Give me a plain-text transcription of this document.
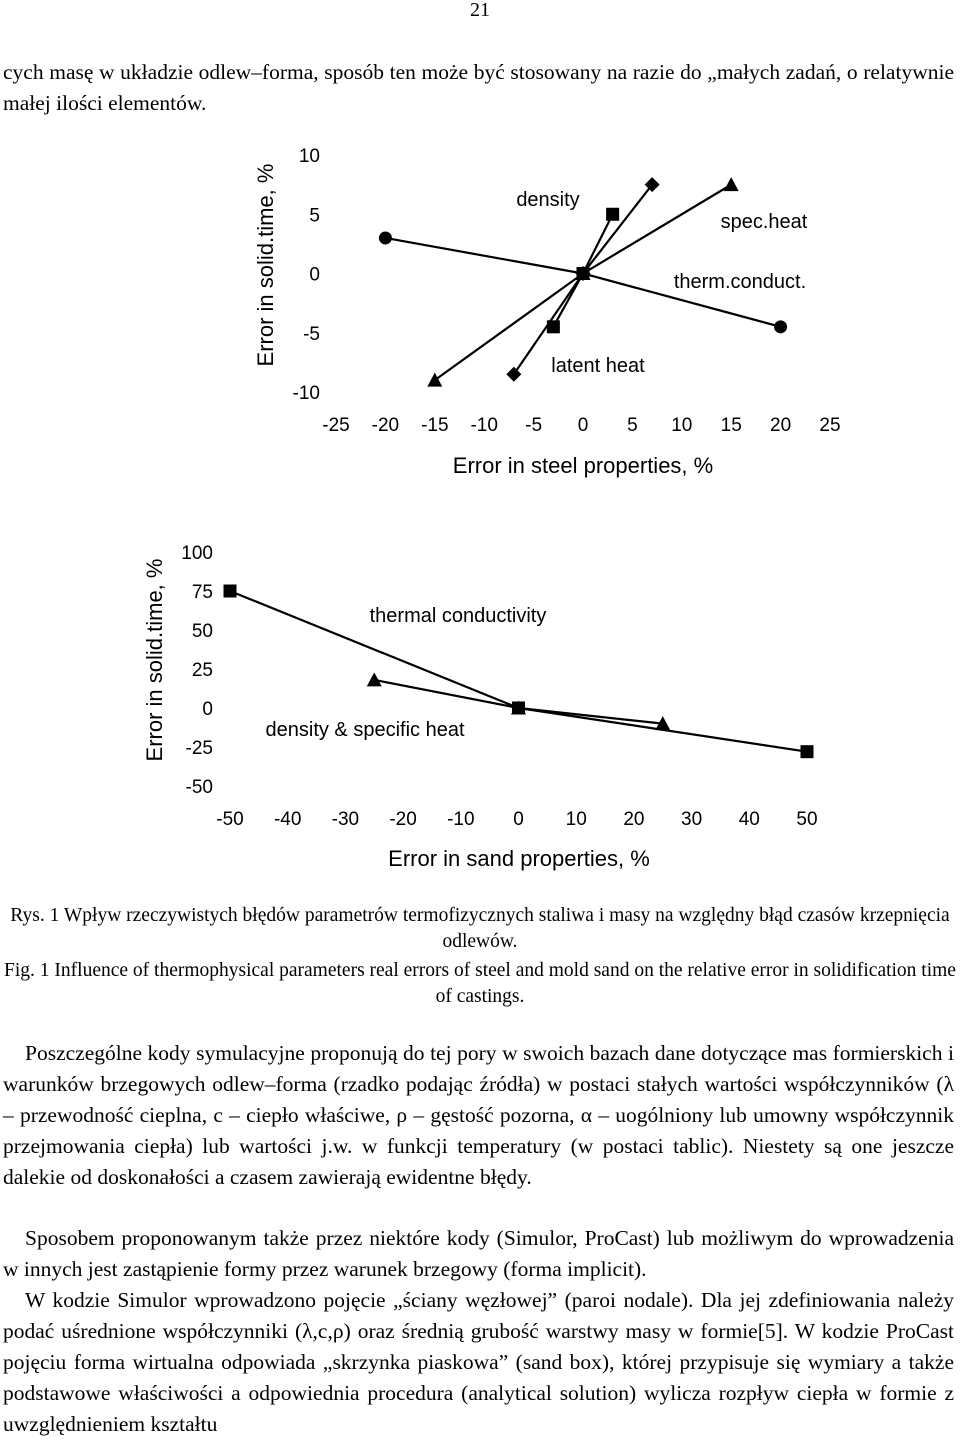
21

cych masę w układzie odlew–forma, sposób ten może być stosowany na razie do „małych zadań, o relatywnie małej ilości elementów.

Error in solid.time, %
10
5
0
-5
-10
-25 -20 -15 -10 -5 0 5 10 15 20 25
density
spec.heat
therm.conduct.
latent heat
Error in steel properties, %
Error in solid.time, %
100
75
50
25
0
-25
-50
-50 -40 -30 -20 -10 0 10 20 30 40 50
thermal conductivity
density & specific heat
Error in sand properties, %
Rys. 1 Wpływ rzeczywistych błędów parametrów termofizycznych staliwa i masy na względny błąd czasów krzepnięcia odlewów.
Fig. 1 Influence of thermophysical parameters real errors of steel and mold sand on the relative error in solidification time of castings.

Poszczególne kody symulacyjne proponują do tej pory w swoich bazach dane dotyczące mas formierskich i warunków brzegowych odlew–forma (rzadko podając źródła) w postaci stałych wartości współczynników (λ – przewodność cieplna, c – ciepło właściwe, ρ – gęstość pozorna, α – uogólniony lub umowny współczynnik przejmowania ciepła) lub wartości j.w. w funkcji temperatury (w postaci tablic). Niestety są one jeszcze dalekie od doskonałości a czasem zawierają ewidentne błędy.

Sposobem proponowanym także przez niektóre kody (Simulor, ProCast) lub możliwym do wprowadzenia w innych jest zastąpienie formy przez warunek brzegowy (forma implicit).

W kodzie Simulor wprowadzono pojęcie „ściany węzłowej” (paroi nodale). Dla jej zdefiniowania należy podać uśrednione współczynniki (λ,c,ρ) oraz średnią grubość warstwy masy w formie[5]. W kodzie ProCast pojęciu forma wirtualna odpowiada „skrzynka piaskowa” (sand box), której przypisuje się wymiary a także podstawowe właściwości a odpowiednia procedura (analytical solution) wylicza rozpływ ciepła w formie z uwzględnieniem kształtu
